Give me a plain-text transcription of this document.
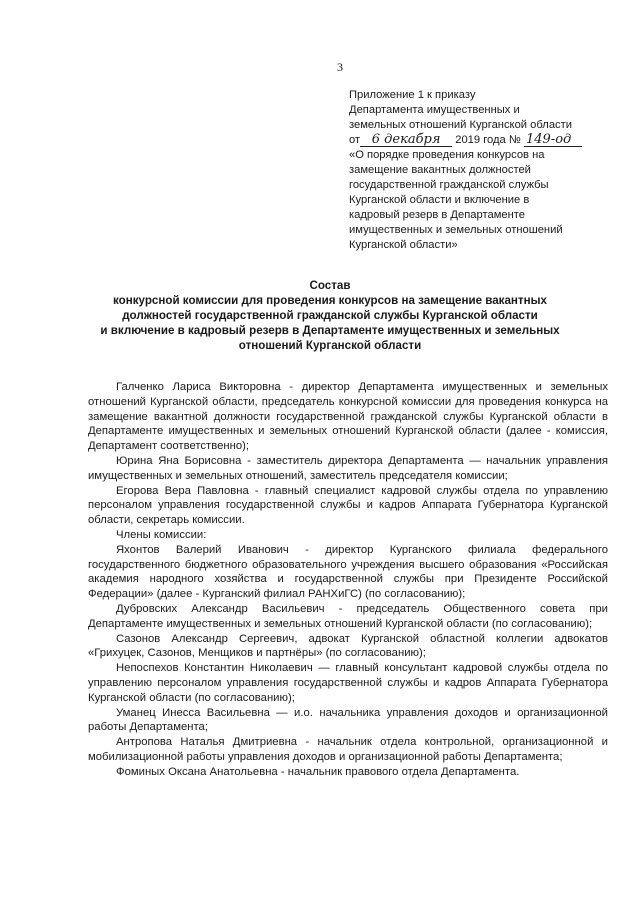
3
Приложение 1 к приказу
Департамента имущественных и
земельных отношений Курганской области
от 6 декабря 2019 года № 149-од
«О порядке проведения конкурсов на
замещение вакантных должностей
государственной гражданской службы
Курганской области и включение в
кадровый резерв в Департаменте
имущественных и земельных отношений
Курганской области»
Состав
конкурсной комиссии для проведения конкурсов на замещение вакантных
должностей государственной гражданской службы Курганской области
и включение в кадровый резерв в Департаменте имущественных и земельных
отношений Курганской области

Галченко Лариса Викторовна - директор Департамента имущественных и земельных отношений Курганской области, председатель конкурсной комиссии для проведения конкурса на замещение вакантной должности государственной гражданской службы Курганской области в Департаменте имущественных и земельных отношений Курганской области (далее - комиссия, Департамент соответственно);

Юрина Яна Борисовна - заместитель директора Департамента — начальник управления имущественных и земельных отношений, заместитель председателя комиссии;

Егорова Вера Павловна - главный специалист кадровой службы отдела по управлению персоналом управления государственной службы и кадров Аппарата Губернатора Курганской области, секретарь комиссии.

Члены комиссии:

Яхонтов Валерий Иванович - директор Курганского филиала федерального государственного бюджетного образовательного учреждения высшего образования «Российская академия народного хозяйства и государственной службы при Президенте Российской Федерации» (далее - Курганский филиал РАНХиГС) (по согласованию);

Дубровских Александр Васильевич - председатель Общественного совета при Департаменте имущественных и земельных отношений Курганской области (по согласованию);

Сазонов Александр Сергеевич, адвокат Курганской областной коллегии адвокатов «Грихуцек, Сазонов, Менщиков и партнёры» (по согласованию);

Непоспехов Константин Николаевич — главный консультант кадровой службы отдела по управлению персоналом управления государственной службы и кадров Аппарата Губернатора Курганской области (по согласованию);

Уманец Инесса Васильевна — и.о. начальника управления доходов и организационной работы Департамента;

Антропова Наталья Дмитриевна - начальник отдела контрольной, организационной и мобилизационной работы управления доходов и организационной работы Департамента;

Фоминых Оксана Анатольевна - начальник правового отдела Департамента.
